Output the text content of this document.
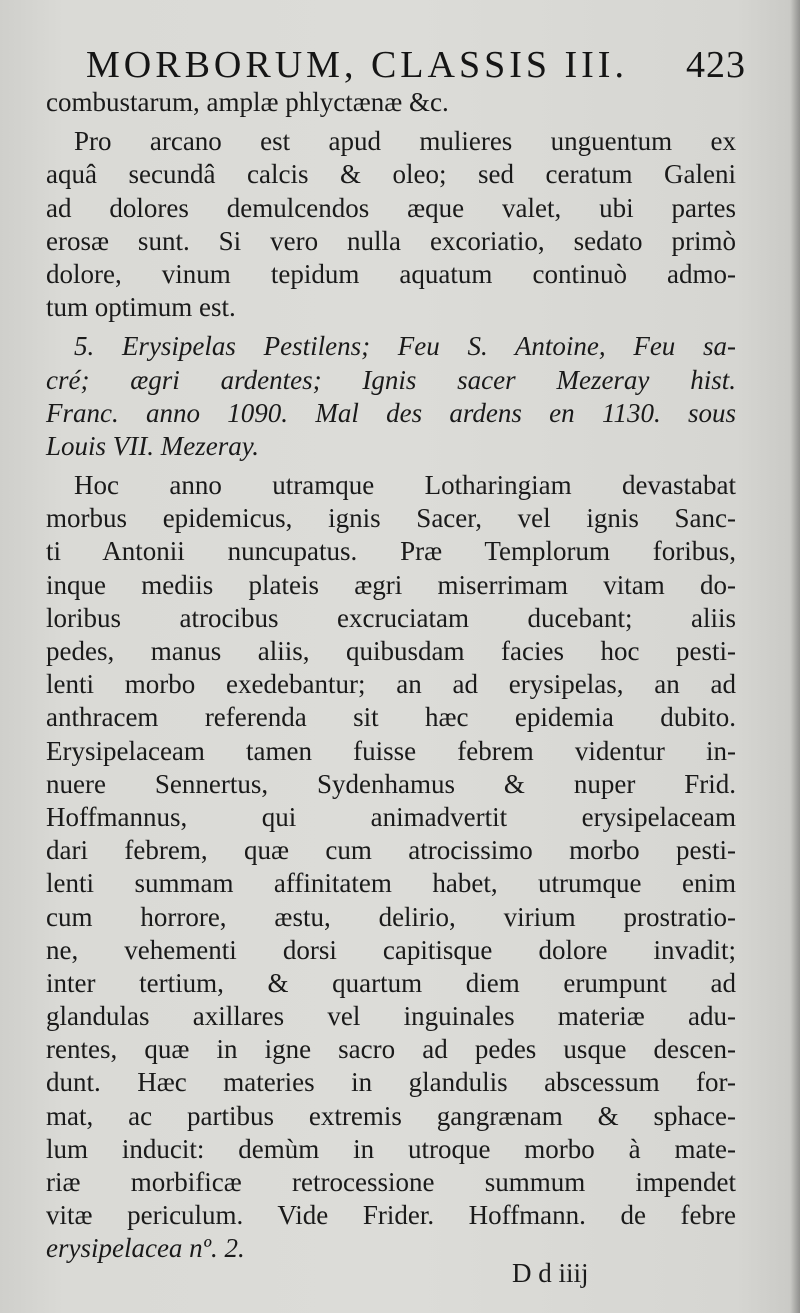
MORBORUM, CLASSIS III. 423
combustarum, amplæ phlyctænæ &c.
Pro arcano est apud mulieres unguentum ex
aquâ secundâ calcis & oleo; sed ceratum Galeni
ad dolores demulcendos æque valet, ubi partes
erosæ sunt. Si vero nulla excoriatio, sedato primò
dolore, vinum tepidum aquatum continuò admo-
tum optimum est.
5. Erysipelas Pestilens; Feu S. Antoine, Feu sa-
cré; ægri ardentes; Ignis sacer Mezeray hist.
Franc. anno 1090. Mal des ardens en 1130. sous
Louis VII. Mezeray.
Hoc anno utramque Lotharingiam devastabat
morbus epidemicus, ignis Sacer, vel ignis Sanc-
ti Antonii nuncupatus. Præ Templorum foribus,
inque mediis plateis ægri miserrimam vitam do-
loribus atrocibus excruciatam ducebant; aliis
pedes, manus aliis, quibusdam facies hoc pesti-
lenti morbo exedebantur; an ad erysipelas, an ad
anthracem referenda sit hæc epidemia dubito.
Erysipelaceam tamen fuisse febrem videntur in-
nuere Sennertus, Sydenhamus & nuper Frid.
Hoffmannus, qui animadvertit erysipelaceam
dari febrem, quæ cum atrocissimo morbo pesti-
lenti summam affinitatem habet, utrumque enim
cum horrore, æstu, delirio, virium prostratio-
ne, vehementi dorsi capitisque dolore invadit;
inter tertium, & quartum diem erumpunt ad
glandulas axillares vel inguinales materiæ adu-
rentes, quæ in igne sacro ad pedes usque descen-
dunt. Hæc materies in glandulis abscessum for-
mat, ac partibus extremis gangrænam & sphace-
lum inducit: demùm in utroque morbo à mate-
riæ morbificæ retrocessione summum impendet
vitæ periculum. Vide Frider. Hoffmann. de febre
erysipelacea nº. 2.
D d iiij
